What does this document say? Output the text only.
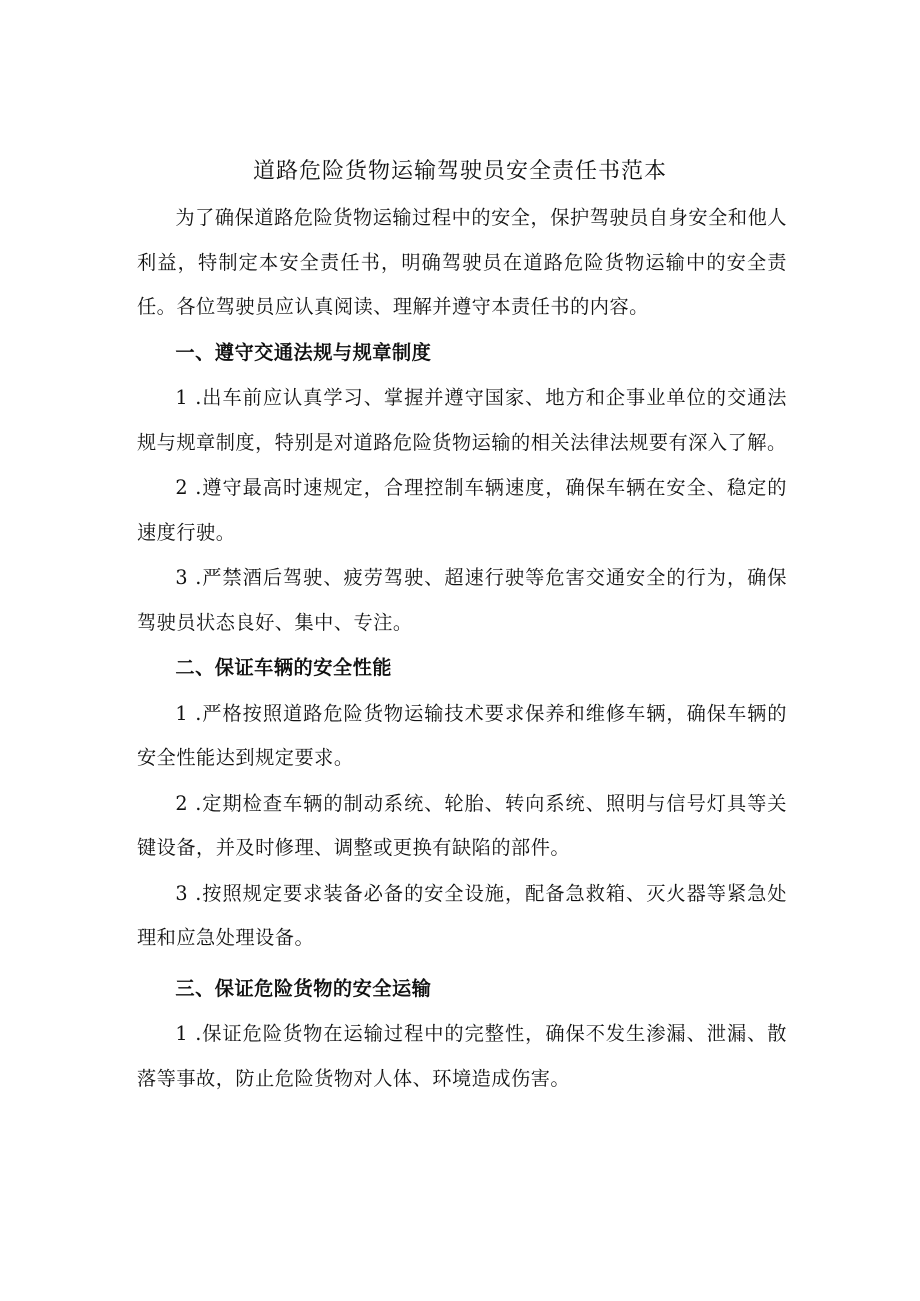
道路危险货物运输驾驶员安全责任书范本

为了确保道路危险货物运输过程中的安全，保护驾驶员自身安全和他人利益，特制定本安全责任书，明确驾驶员在道路危险货物运输中的安全责任。各位驾驶员应认真阅读、理解并遵守本责任书的内容。

一、遵守交通法规与规章制度

1 .出车前应认真学习、掌握并遵守国家、地方和企事业单位的交通法规与规章制度，特别是对道路危险货物运输的相关法律法规要有深入了解。

2 .遵守最高时速规定，合理控制车辆速度，确保车辆在安全、稳定的速度行驶。

3 .严禁酒后驾驶、疲劳驾驶、超速行驶等危害交通安全的行为，确保驾驶员状态良好、集中、专注。

二、保证车辆的安全性能

1 .严格按照道路危险货物运输技术要求保养和维修车辆，确保车辆的安全性能达到规定要求。

2 .定期检查车辆的制动系统、轮胎、转向系统、照明与信号灯具等关键设备，并及时修理、调整或更换有缺陷的部件。

3 .按照规定要求装备必备的安全设施，配备急救箱、灭火器等紧急处理和应急处理设备。

三、保证危险货物的安全运输

1 .保证危险货物在运输过程中的完整性，确保不发生渗漏、泄漏、散落等事故，防止危险货物对人体、环境造成伤害。
